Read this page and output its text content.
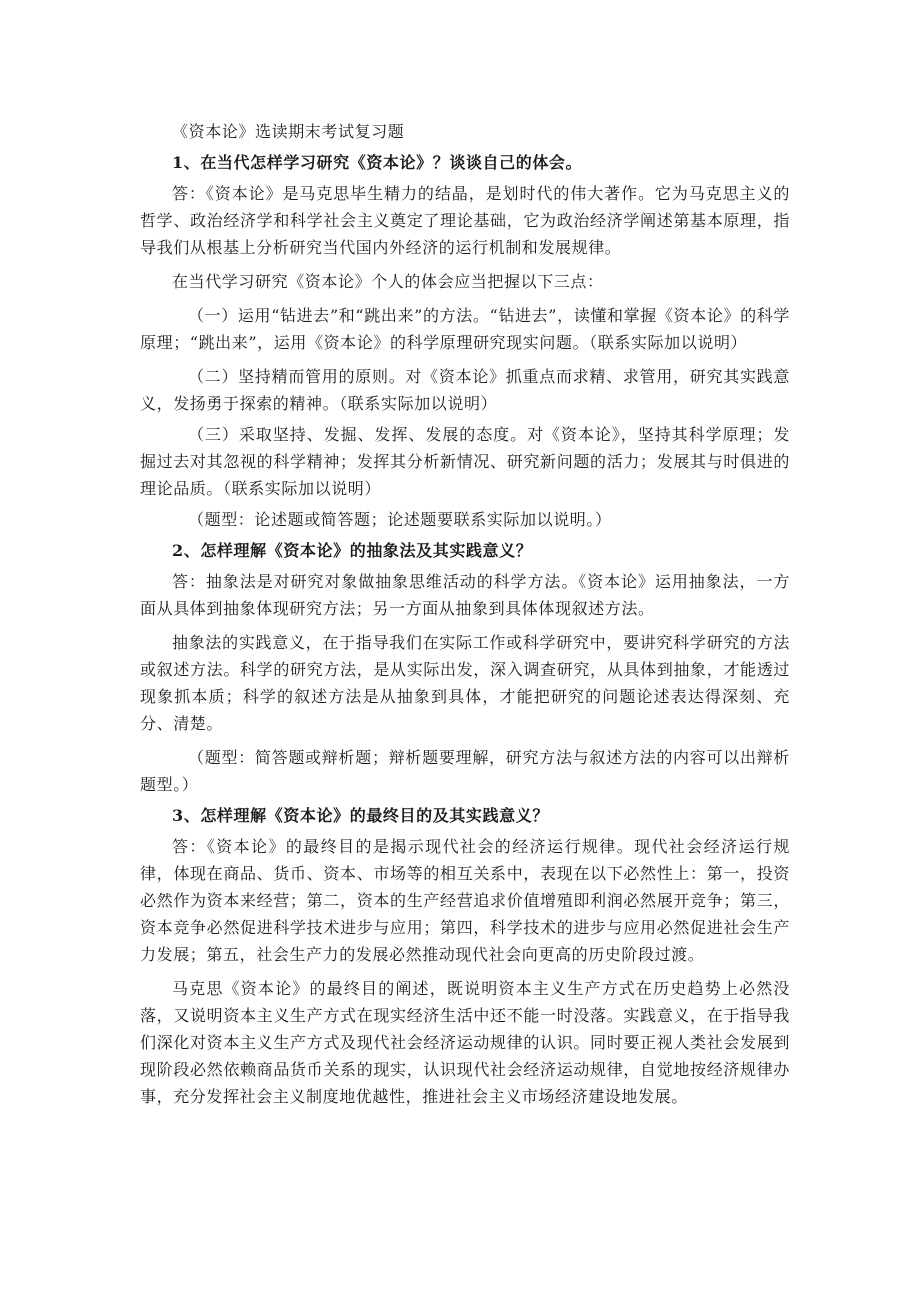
《资本论》选读期末考试复习题
1、在当代怎样学习研究《资本论》？谈谈自己的体会。

答：《资本论》是马克思毕生精力的结晶，是划时代的伟大著作。它为马克思主义的哲学、政治经济学和科学社会主义奠定了理论基础，它为政治经济学阐述第基本原理，指导我们从根基上分析研究当代国内外经济的运行机制和发展规律。

在当代学习研究《资本论》个人的体会应当把握以下三点：

（一）运用“钻进去”和“跳出来”的方法。“钻进去”，读懂和掌握《资本论》的科学原理；“跳出来”，运用《资本论》的科学原理研究现实问题。（联系实际加以说明）

（二）坚持精而管用的原则。对《资本论》抓重点而求精、求管用，研究其实践意义，发扬勇于探索的精神。（联系实际加以说明）

（三）采取坚持、发掘、发挥、发展的态度。对《资本论》，坚持其科学原理；发掘过去对其忽视的科学精神；发挥其分析新情况、研究新问题的活力；发展其与时俱进的理论品质。（联系实际加以说明）

（题型：论述题或简答题；论述题要联系实际加以说明。）

2、怎样理解《资本论》的抽象法及其实践意义？

答：抽象法是对研究对象做抽象思维活动的科学方法。《资本论》运用抽象法，一方面从具体到抽象体现研究方法；另一方面从抽象到具体体现叙述方法。

抽象法的实践意义，在于指导我们在实际工作或科学研究中，要讲究科学研究的方法或叙述方法。科学的研究方法，是从实际出发，深入调查研究，从具体到抽象，才能透过现象抓本质；科学的叙述方法是从抽象到具体，才能把研究的问题论述表达得深刻、充分、清楚。

（题型：简答题或辩析题；辩析题要理解，研究方法与叙述方法的内容可以出辩析题型。）

3、怎样理解《资本论》的最终目的及其实践意义？

答：《资本论》的最终目的是揭示现代社会的经济运行规律。现代社会经济运行规律，体现在商品、货币、资本、市场等的相互关系中，表现在以下必然性上：第一，投资必然作为资本来经营；第二，资本的生产经营追求价值增殖即利润必然展开竞争；第三，资本竞争必然促进科学技术进步与应用；第四，科学技术的进步与应用必然促进社会生产力发展；第五，社会生产力的发展必然推动现代社会向更高的历史阶段过渡。

马克思《资本论》的最终目的阐述，既说明资本主义生产方式在历史趋势上必然没落，又说明资本主义生产方式在现实经济生活中还不能一时没落。实践意义，在于指导我们深化对资本主义生产方式及现代社会经济运动规律的认识。同时要正视人类社会发展到现阶段必然依赖商品货币关系的现实，认识现代社会经济运动规律，自觉地按经济规律办事，充分发挥社会主义制度地优越性，推进社会主义市场经济建设地发展。
